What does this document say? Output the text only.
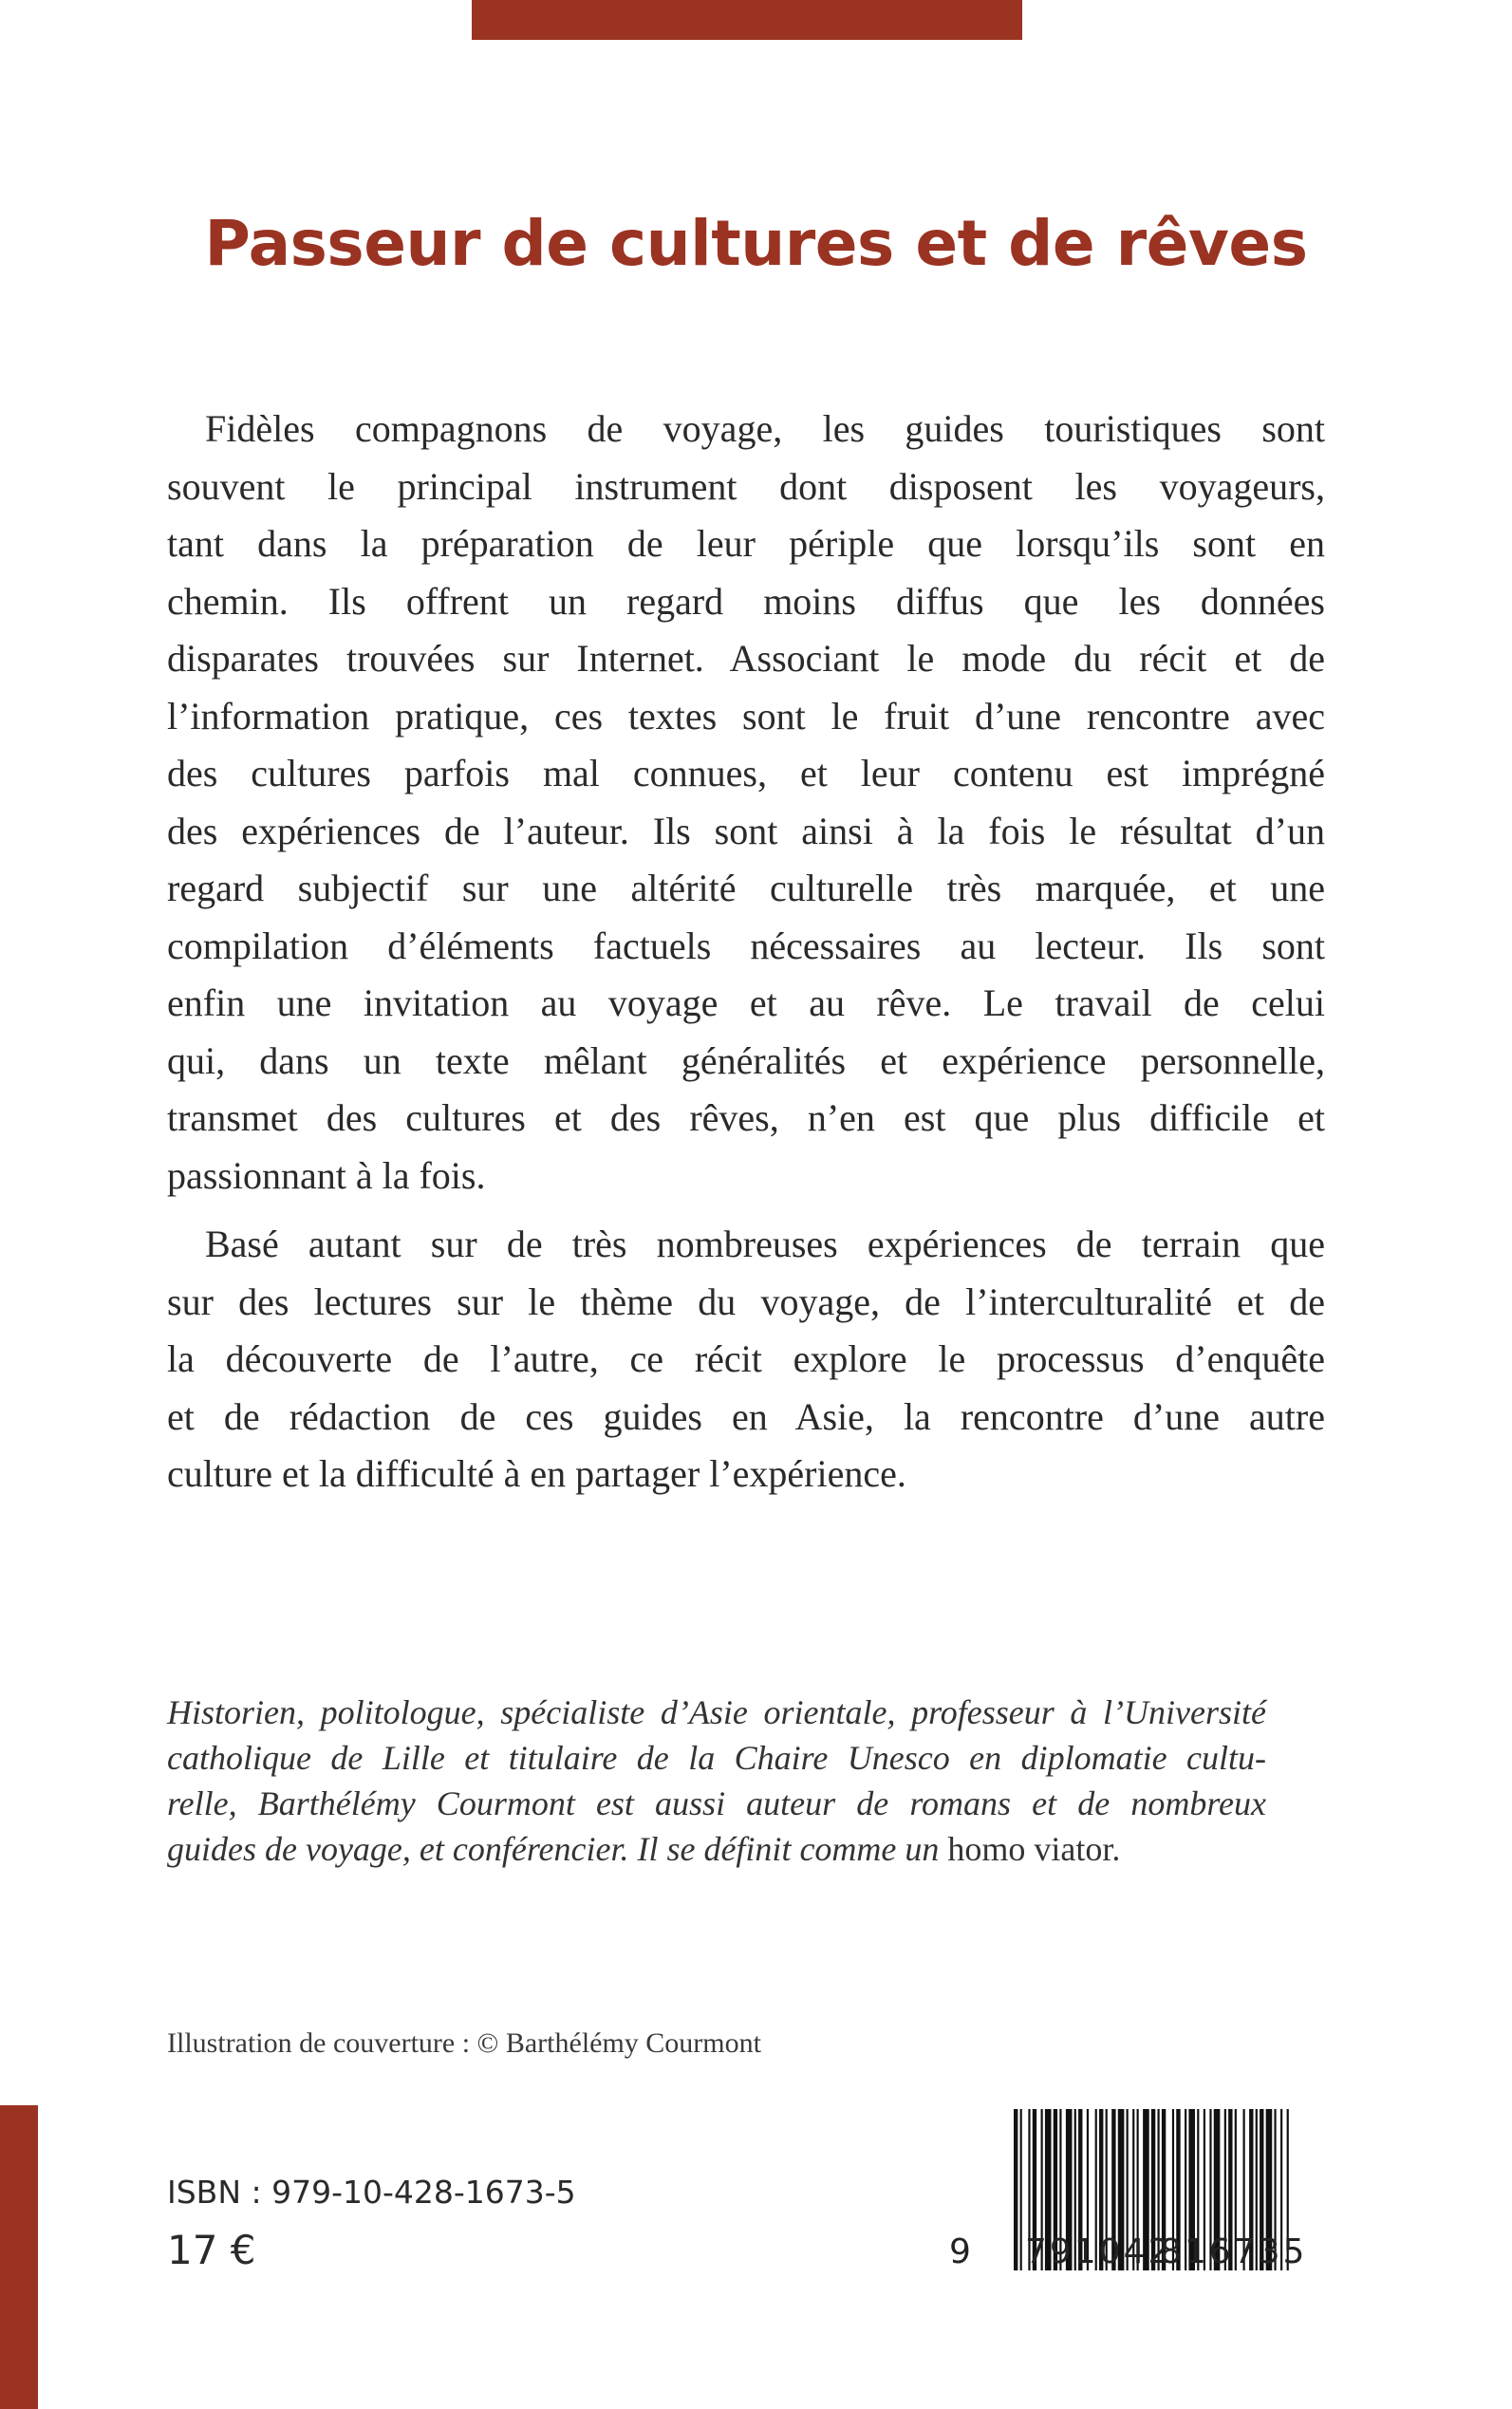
Passeur de cultures et de rêves
Fidèles compagnons de voyage, les guides touristiques sont
souvent le principal instrument dont disposent les voyageurs,
tant dans la préparation de leur périple que lorsqu’ils sont en
chemin. Ils offrent un regard moins diffus que les données
disparates trouvées sur Internet. Associant le mode du récit et de
l’information pratique, ces textes sont le fruit d’une rencontre avec
des cultures parfois mal connues, et leur contenu est imprégné
des expériences de l’auteur. Ils sont ainsi à la fois le résultat d’un
regard subjectif sur une altérité culturelle très marquée, et une
compilation d’éléments factuels nécessaires au lecteur. Ils sont
enfin une invitation au voyage et au rêve. Le travail de celui
qui, dans un texte mêlant généralités et expérience personnelle,
transmet des cultures et des rêves, n’en est que plus difficile et
passionnant à la fois.
Basé autant sur de très nombreuses expériences de terrain que
sur des lectures sur le thème du voyage, de l’interculturalité et de
la découverte de l’autre, ce récit explore le processus d’enquête
et de rédaction de ces guides en Asie, la rencontre d’une autre
culture et la difficulté à en partager l’expérience.
Historien, politologue, spécialiste d’Asie orientale, professeur à l’Université
catholique de Lille et titulaire de la Chaire Unesco en diplomatie cultu-
relle, Barthélémy Courmont est aussi auteur de romans et de nombreux
guides de voyage, et conférencier. Il se définit comme un homo viator.
Illustration de couverture : © Barthélémy Courmont
ISBN : 979-10-428-1673-5
17 €	9 791042
816735
